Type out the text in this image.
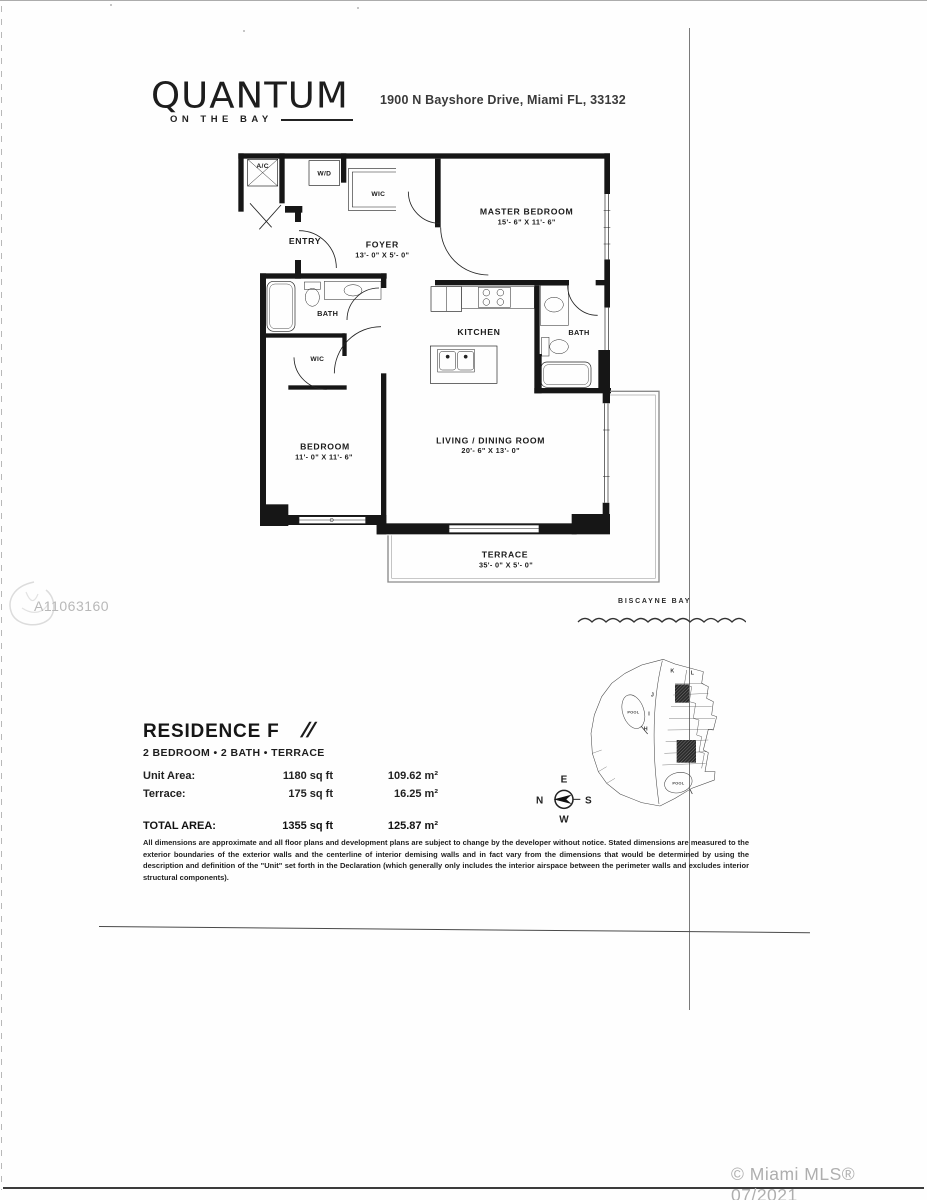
QUANTUM
ON THE BAY
1900 N Bayshore Drive, Miami FL, 33132
A/C
W/D
WIC
MASTER BEDROOM
15'- 6" X 11'- 6"
ENTRY FOYER
13'- 0" X 5'- 0"
BATH
WIC
KITCHEN	BATH
BEDROOM
11'- 0" X 11'- 6"
LIVING / DINING ROOM
20'- 6" X 13'- 0"
TERRACE
35'- 0" X 5'- 0"
BISCAYNE BAY
K L
J
I
H
POOL
POOL
E
N S
W
A11063160
RESIDENCE F //
2 BEDROOM • 2 BATH • TERRACE
Unit Area:	1180 sq ft	109.62 m²
Terrace:	175 sq ft	16.25 m²
TOTAL AREA:	1355 sq ft	125.87 m²
All dimensions are approximate and all floor plans and development plans are subject to change by the developer without notice. Stated dimensions are measured to the exterior boundaries of the exterior walls and the centerline of interior demising walls and in fact vary from the dimensions that would be determined by using the description and definition of the "Unit" set forth in the Declaration (which generally only includes the interior airspace between the perimeter walls and excludes interior structural components).
© Miami MLS® 07/2021
